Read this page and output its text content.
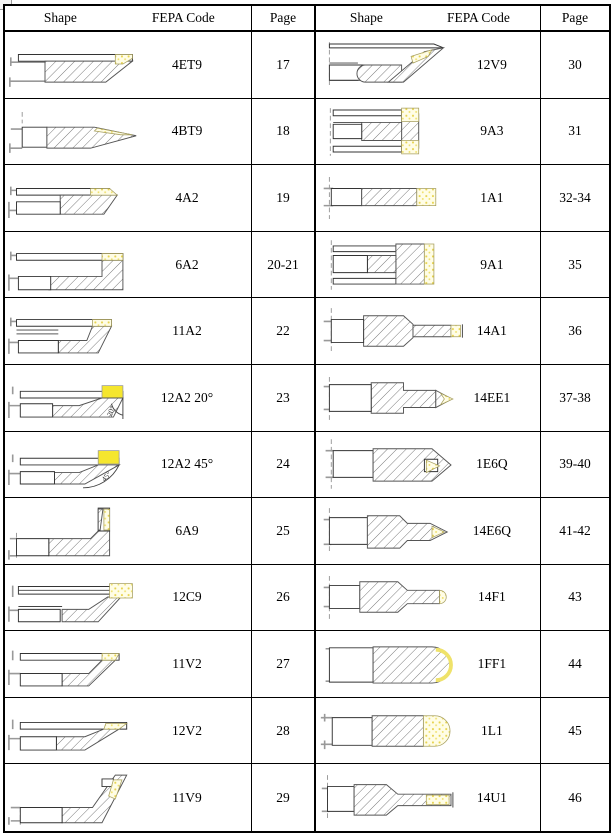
Shape	FEPA Code	Page	Shape	FEPA Code	Page
4ET9	17	12V9	30
4BT9	18	9A3	31
4A2	19	1A1	32-34
6A2	20-21	9A1	35
11A2	22	14A1	36
20°
12A2 20°	23	14EE1	37-38
45°
12A2 45°	24	1E6Q	39-40
6A9	25	14E6Q	41-42
12C9	26	14F1	43
11V2	27	1FF1	44
12V2	28	1L1	45
11V9	29	14U1	46
